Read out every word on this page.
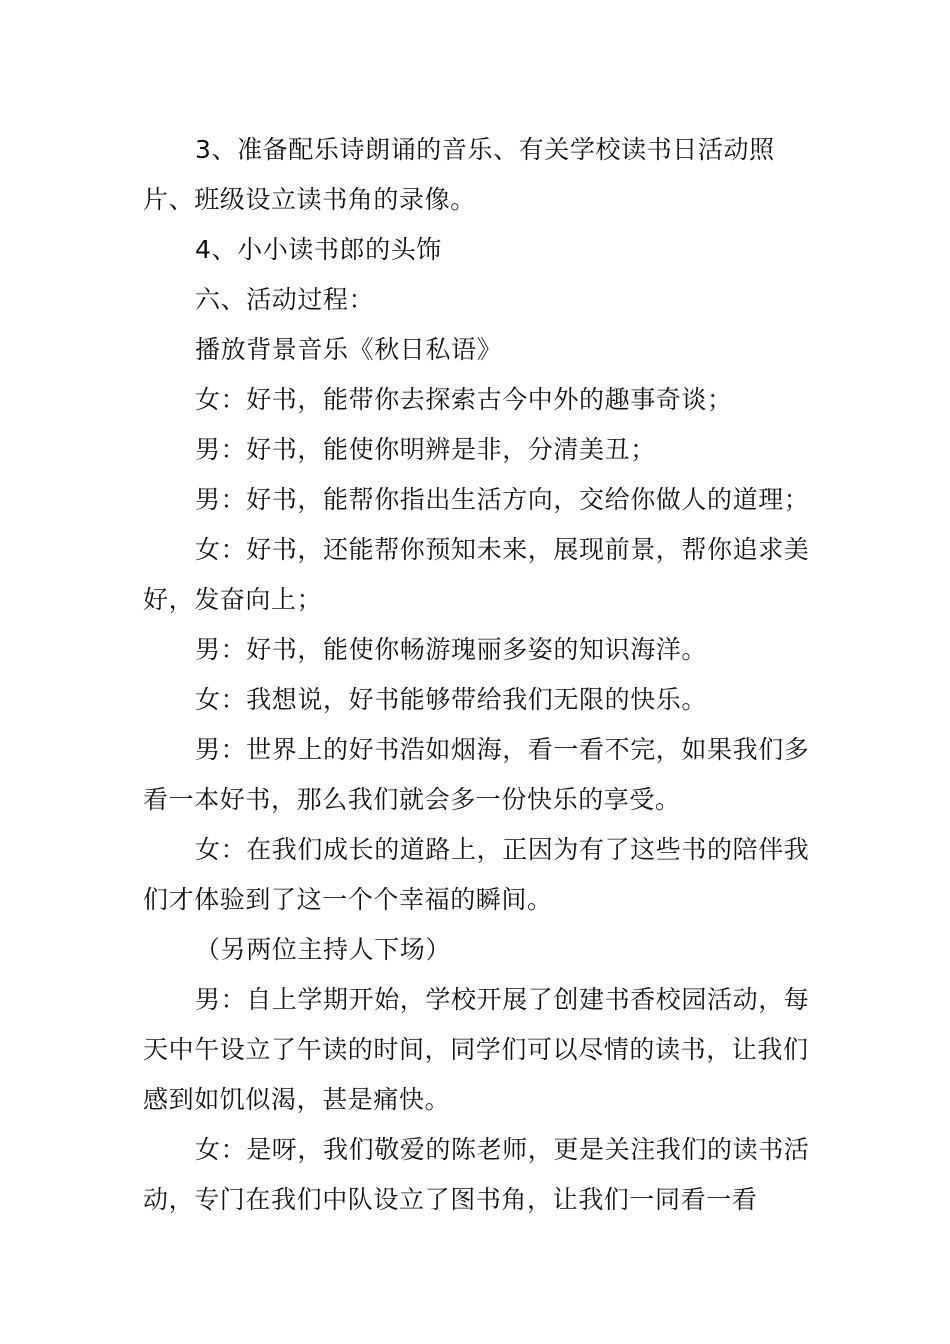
3、准备配乐诗朗诵的音乐、有关学校读书日活动照片、班级设立读书角的录像。

4、小小读书郎的头饰

六、活动过程：

播放背景音乐《秋日私语》

女：好书，能带你去探索古今中外的趣事奇谈；

男：好书，能使你明辨是非，分清美丑；

男：好书，能帮你指出生活方向，交给你做人的道理；

女：好书，还能帮你预知未来，展现前景，帮你追求美好，发奋向上；

男：好书，能使你畅游瑰丽多姿的知识海洋。

女：我想说，好书能够带给我们无限的快乐。

男：世界上的好书浩如烟海，看一看不完，如果我们多看一本好书，那么我们就会多一份快乐的享受。

女：在我们成长的道路上，正因为有了这些书的陪伴我们才体验到了这一个个幸福的瞬间。

（另两位主持人下场）

男：自上学期开始，学校开展了创建书香校园活动，每天中午设立了午读的时间，同学们可以尽情的读书，让我们感到如饥似渴，甚是痛快。

女：是呀，我们敬爱的陈老师，更是关注我们的读书活动，专门在我们中队设立了图书角，让我们一同看一看
